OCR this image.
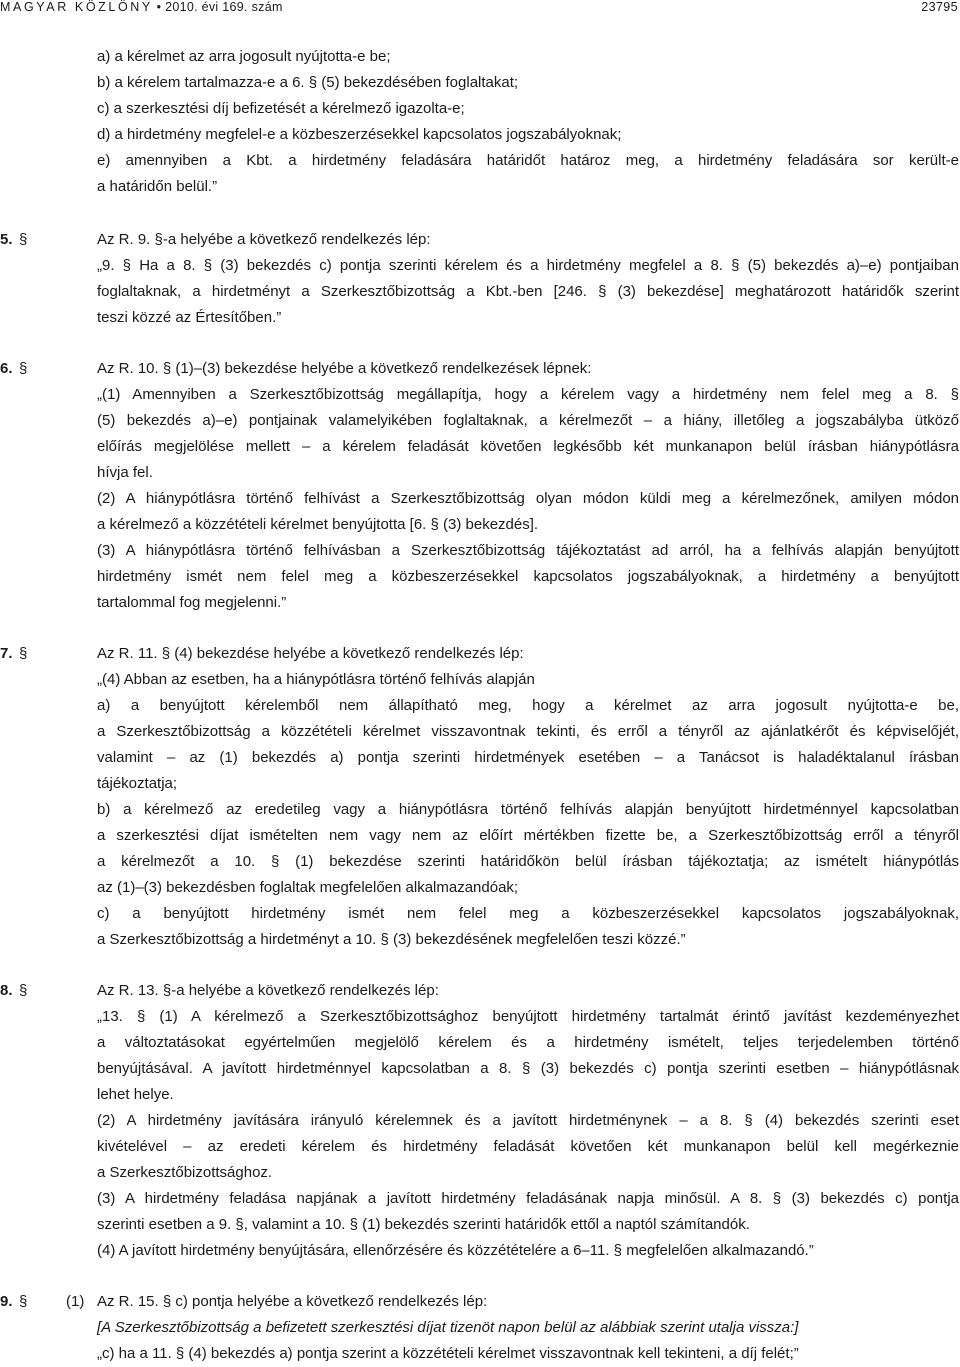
MAGYAR KÖZLÖNY • 2010. évi 169. szám	23795
a) a kérelmet az arra jogosult nyújtotta-e be;
b) a kérelem tartalmazza-e a 6. § (5) bekezdésében foglaltakat;
c) a szerkesztési díj befizetését a kérelmező igazolta-e;
d) a hirdetmény megfelel-e a közbeszerzésekkel kapcsolatos jogszabályoknak;
e) amennyiben a Kbt. a hirdetmény feladására határidőt határoz meg, a hirdetmény feladására sor került-e
a határidőn belül.”
5. §	Az R. 9. §-a helyébe a következő rendelkezés lép:
„9. § Ha a 8. § (3) bekezdés c) pontja szerinti kérelem és a hirdetmény megfelel a 8. § (5) bekezdés a)–e) pontjaiban
foglaltaknak, a hirdetményt a Szerkesztőbizottság a Kbt.-ben [246. § (3) bekezdése] meghatározott határidők szerint
teszi közzé az Értesítőben.”
6. §	Az R. 10. § (1)–(3) bekezdése helyébe a következő rendelkezések lépnek:
„(1) Amennyiben a Szerkesztőbizottság megállapítja, hogy a kérelem vagy a hirdetmény nem felel meg a 8. §
(5) bekezdés a)–e) pontjainak valamelyikében foglaltaknak, a kérelmezőt – a hiány, illetőleg a jogszabályba ütköző
előírás megjelölése mellett – a kérelem feladását követően legkésőbb két munkanapon belül írásban hiánypótlásra
hívja fel.
(2) A hiánypótlásra történő felhívást a Szerkesztőbizottság olyan módon küldi meg a kérelmezőnek, amilyen módon
a kérelmező a közzétételi kérelmet benyújtotta [6. § (3) bekezdés].
(3) A hiánypótlásra történő felhívásban a Szerkesztőbizottság tájékoztatást ad arról, ha a felhívás alapján benyújtott
hirdetmény ismét nem felel meg a közbeszerzésekkel kapcsolatos jogszabályoknak, a hirdetmény a benyújtott
tartalommal fog megjelenni.”
7. §	Az R. 11. § (4) bekezdése helyébe a következő rendelkezés lép:
„(4) Abban az esetben, ha a hiánypótlásra történő felhívás alapján
a) a benyújtott kérelemből nem állapítható meg, hogy a kérelmet az arra jogosult nyújtotta-e be,
a Szerkesztőbizottság a közzétételi kérelmet visszavontnak tekinti, és erről a tényről az ajánlatkérőt és képviselőjét,
valamint – az (1) bekezdés a) pontja szerinti hirdetmények esetében – a Tanácsot is haladéktalanul írásban
tájékoztatja;
b) a kérelmező az eredetileg vagy a hiánypótlásra történő felhívás alapján benyújtott hirdetménnyel kapcsolatban
a szerkesztési díjat ismételten nem vagy nem az előírt mértékben fizette be, a Szerkesztőbizottság erről a tényről
a kérelmezőt a 10. § (1) bekezdése szerinti határidőkön belül írásban tájékoztatja; az ismételt hiánypótlás
az (1)–(3) bekezdésben foglaltak megfelelően alkalmazandóak;
c) a benyújtott hirdetmény ismét nem felel meg a közbeszerzésekkel kapcsolatos jogszabályoknak,
a Szerkesztőbizottság a hirdetményt a 10. § (3) bekezdésének megfelelően teszi közzé.”
8. §	Az R. 13. §-a helyébe a következő rendelkezés lép:
„13. § (1) A kérelmező a Szerkesztőbizottsághoz benyújtott hirdetmény tartalmát érintő javítást kezdeményezhet
a változtatásokat egyértelműen megjelölő kérelem és a hirdetmény ismételt, teljes terjedelemben történő
benyújtásával. A javított hirdetménnyel kapcsolatban a 8. § (3) bekezdés c) pontja szerinti esetben – hiánypótlásnak
lehet helye.
(2) A hirdetmény javítására irányuló kérelemnek és a javított hirdetménynek – a 8. § (4) bekezdés szerinti eset
kivételével – az eredeti kérelem és hirdetmény feladását követően két munkanapon belül kell megérkeznie
a Szerkesztőbizottsághoz.
(3) A hirdetmény feladása napjának a javított hirdetmény feladásának napja minősül. A 8. § (3) bekezdés c) pontja
szerinti esetben a 9. §, valamint a 10. § (1) bekezdés szerinti határidők ettől a naptól számítandók.
(4) A javított hirdetmény benyújtására, ellenőrzésére és közzétételére a 6–11. § megfelelően alkalmazandó.”
9. §	(1) Az R. 15. § c) pontja helyébe a következő rendelkezés lép:
[A Szerkesztőbizottság a befizetett szerkesztési díjat tizenöt napon belül az alábbiak szerint utalja vissza:]
„c) ha a 11. § (4) bekezdés a) pontja szerint a közzétételi kérelmet visszavontnak kell tekinteni, a díj felét;”
